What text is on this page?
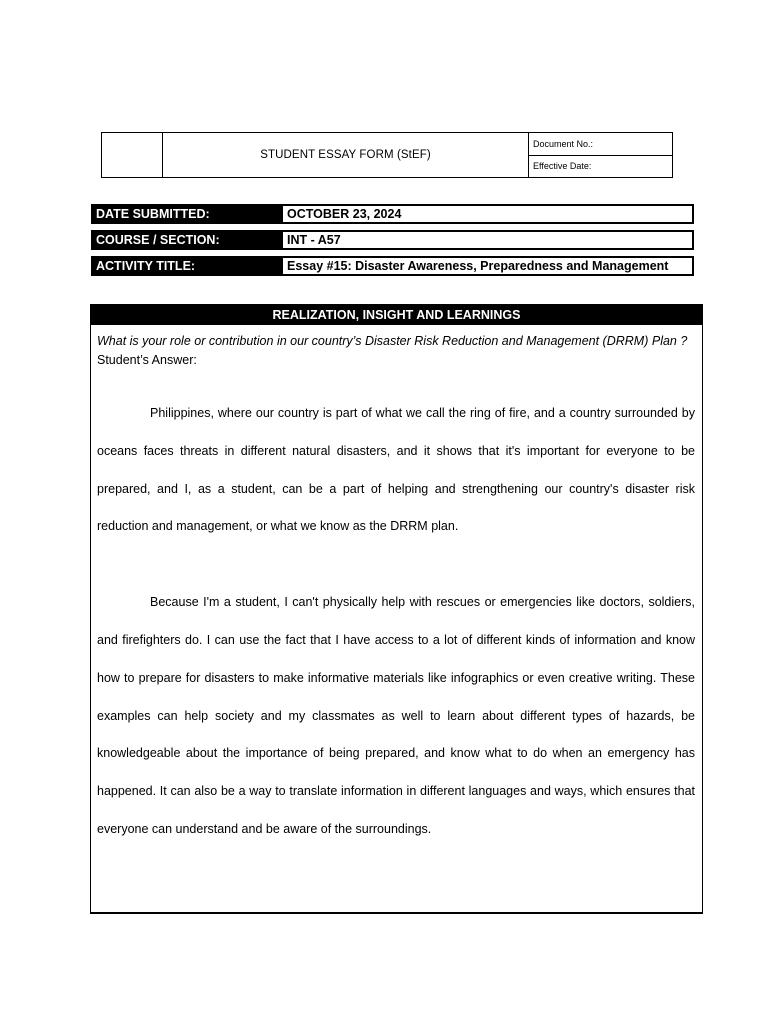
STUDENT ESSAY FORM (StEF)
Document No.:
Effective Date:
DATE SUBMITTED:	OCTOBER 23, 2024
COURSE / SECTION:	INT - A57
ACTIVITY TITLE:	Essay #15: Disaster Awareness, Preparedness and Management
REALIZATION, INSIGHT AND LEARNINGS
What is your role or contribution in our country’s Disaster Risk Reduction and Management (DRRM) Plan ?
Student’s Answer:
Philippines, where our country is part of what we call the ring of fire, and a country surrounded by oceans faces threats in different natural disasters, and it shows that it's important for everyone to be prepared, and I, as a student, can be a part of helping and strengthening our country's disaster risk reduction and management, or what we know as the DRRM plan.
Because I'm a student, I can't physically help with rescues or emergencies like doctors, soldiers, and firefighters do. I can use the fact that I have access to a lot of different kinds of information and know how to prepare for disasters to make informative materials like infographics or even creative writing. These examples can help society and my classmates as well to learn about different types of hazards, be knowledgeable about the importance of being prepared, and know what to do when an emergency has happened. It can also be a way to translate information in different languages and ways, which ensures that everyone can understand and be aware of the surroundings.
